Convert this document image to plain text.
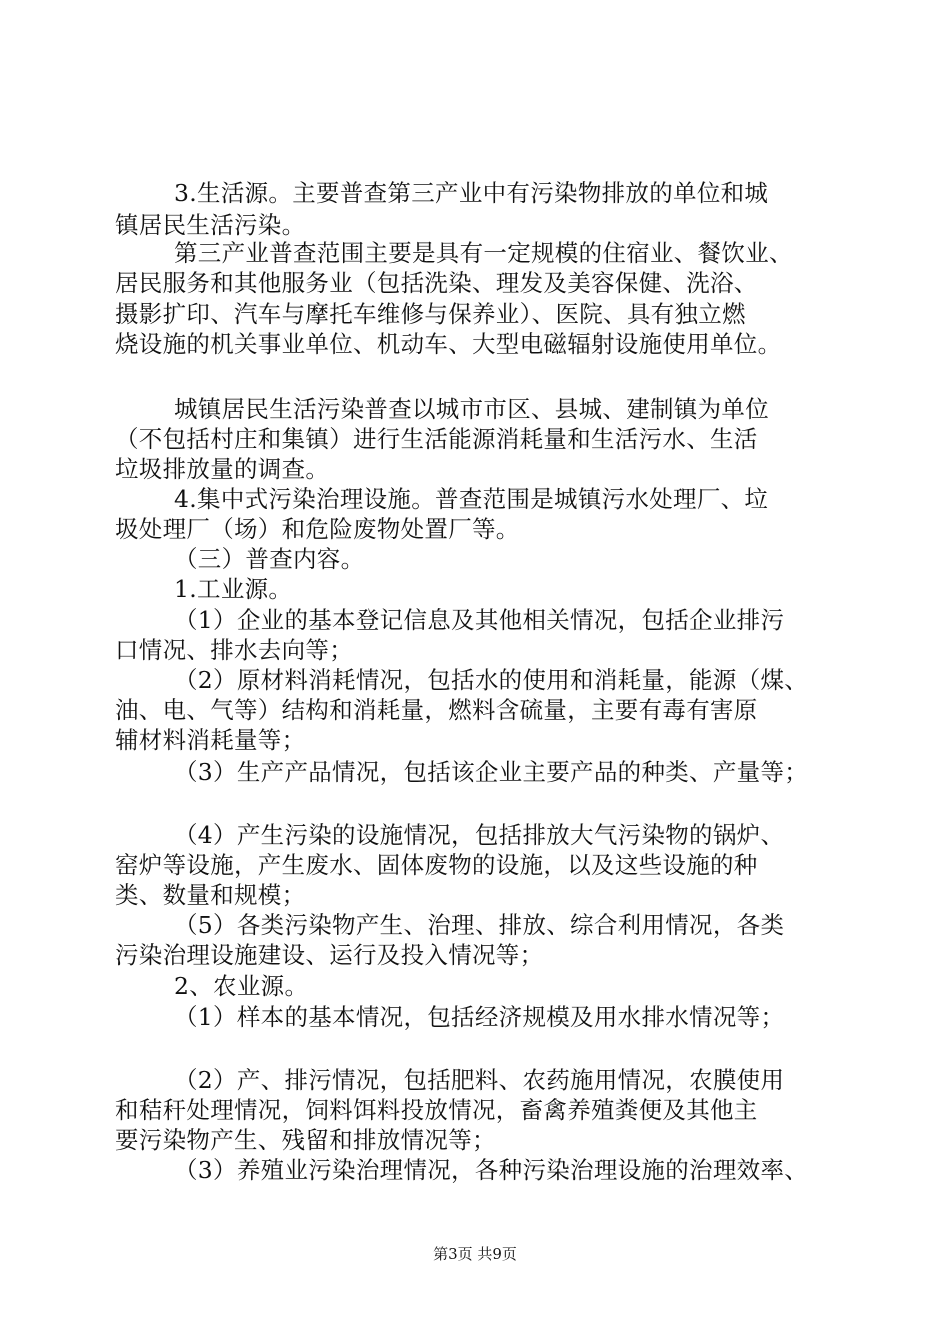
3.生活源。主要普查第三产业中有污染物排放的单位和城
镇居民生活污染。
第三产业普查范围主要是具有一定规模的住宿业、餐饮业、
居民服务和其他服务业（包括洗染、理发及美容保健、洗浴、
摄影扩印、汽车与摩托车维修与保养业）、医院、具有独立燃
烧设施的机关事业单位、机动车、大型电磁辐射设施使用单位。
城镇居民生活污染普查以城市市区、县城、建制镇为单位
（不包括村庄和集镇）进行生活能源消耗量和生活污水、生活
垃圾排放量的调查。
4.集中式污染治理设施。普查范围是城镇污水处理厂、垃
圾处理厂（场）和危险废物处置厂等。
（三）普查内容。
1.工业源。
（1）企业的基本登记信息及其他相关情况，包括企业排污
口情况、排水去向等；
（2）原材料消耗情况，包括水的使用和消耗量，能源（煤、
油、电、气等）结构和消耗量，燃料含硫量，主要有毒有害原
辅材料消耗量等；
（3）生产产品情况，包括该企业主要产品的种类、产量等；
（4）产生污染的设施情况，包括排放大气污染物的锅炉、
窑炉等设施，产生废水、固体废物的设施，以及这些设施的种
类、数量和规模；
（5）各类污染物产生、治理、排放、综合利用情况，各类
污染治理设施建设、运行及投入情况等；
2、农业源。
（1）样本的基本情况，包括经济规模及用水排水情况等；
（2）产、排污情况，包括肥料、农药施用情况，农膜使用
和秸秆处理情况，饲料饵料投放情况，畜禽养殖粪便及其他主
要污染物产生、残留和排放情况等；
（3）养殖业污染治理情况，各种污染治理设施的治理效率、
第3页 共9页
